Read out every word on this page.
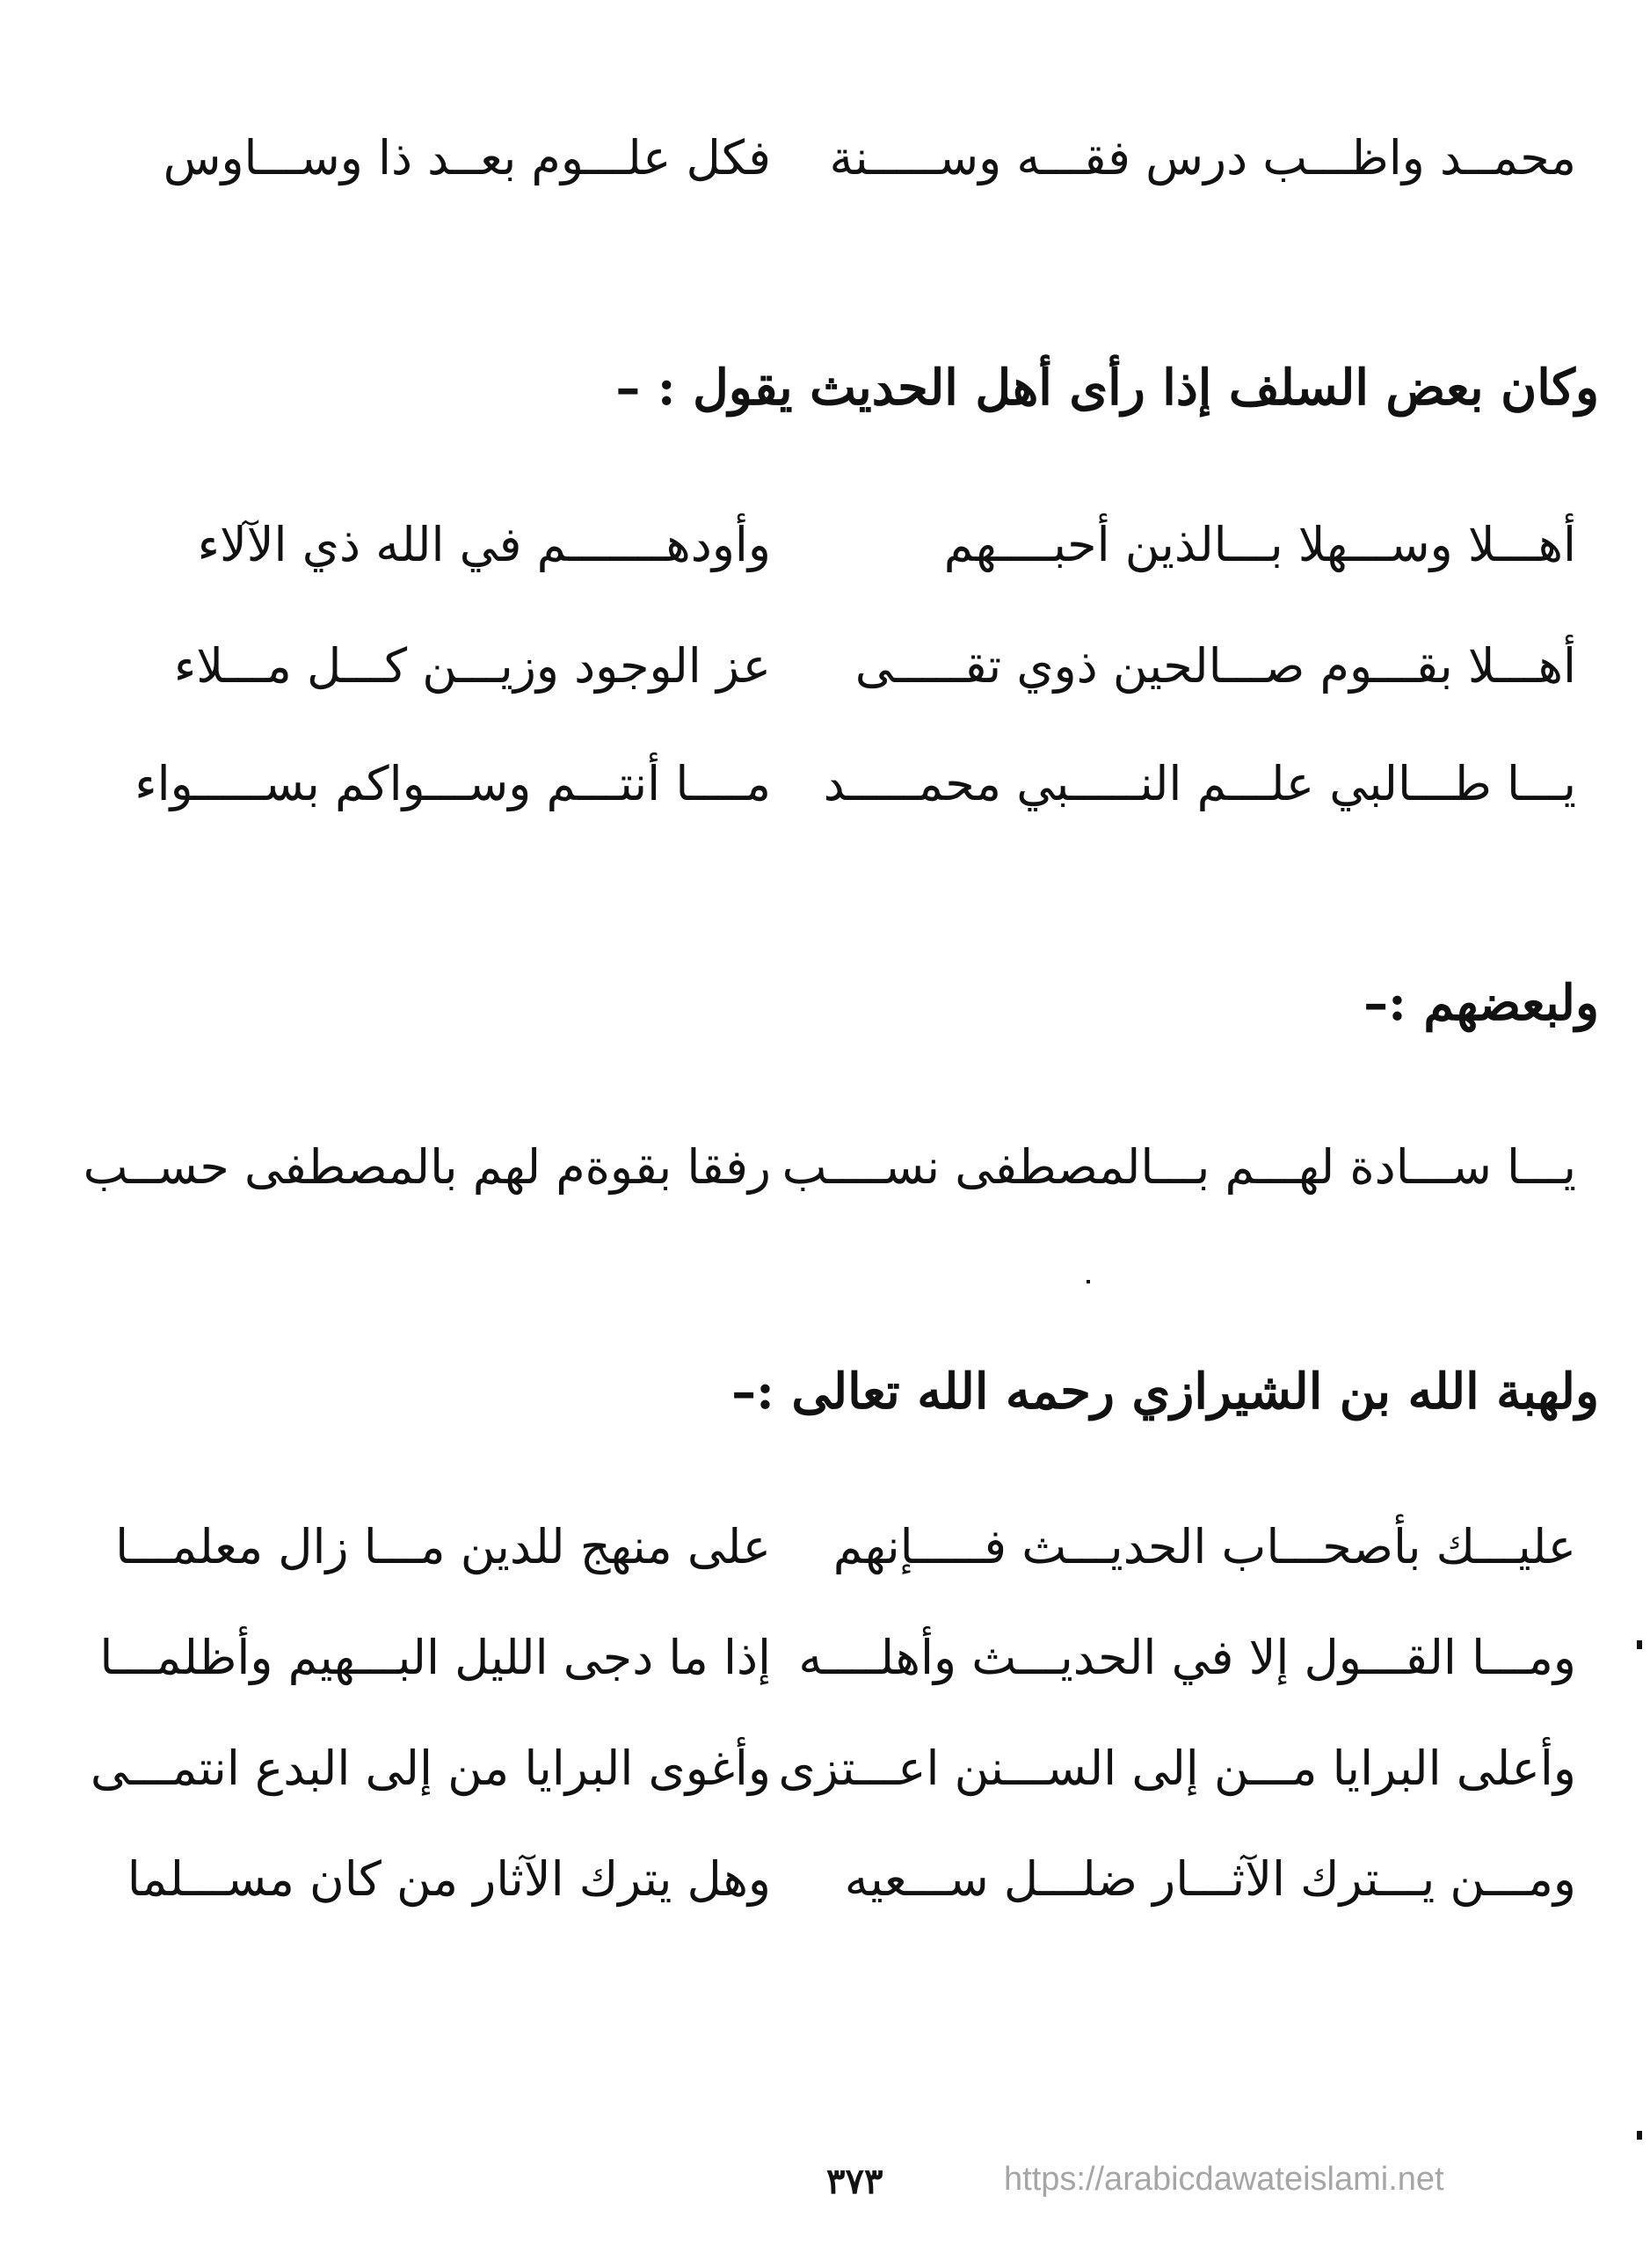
محمــد واظـــب درس فقـــه وســـــنة
فكل علـــوم بعــد ذا وســـاوس
وكان بعض السلف إذا رأى أهل الحديث يقول : –
أهـــلا وســـهلا بـــالذين أحبــــهم
وأودهـــــــم في الله ذي الآلاء
أهـــلا بقـــوم صـــالحين ذوي تقـــــى
عز الوجود وزيـــن كـــل مـــلاء
يـــا طـــالبي علـــم النـــــبي محمـــــد
مــــا أنتـــم وســـواكم بســـــواء
ولبعضهم :–
يـــا ســـادة لهـــم بـــالمصطفى نســــب
رفقا بقوةم لهم بالمصطفى حســب
ولهبة الله بن الشيرازي رحمه الله تعالى :–
عليـــك بأصحـــاب الحديـــث فـــــإنهم
على منهج للدين مـــا زال معلمـــا
ومـــا القـــول إلا في الحديـــث وأهلــــه
إذا ما دجى الليل البـــهيم وأظلمـــا
وأعلى البرايا مـــن إلى الســـنن اعـــتزى
وأغوى البرايا من إلى البدع انتمـــى
ومـــن يـــترك الآثـــار ضلـــل ســـعيه
وهل يترك الآثار من كان مســـلما
٣٧٣	https://arabicdawateislami.net
